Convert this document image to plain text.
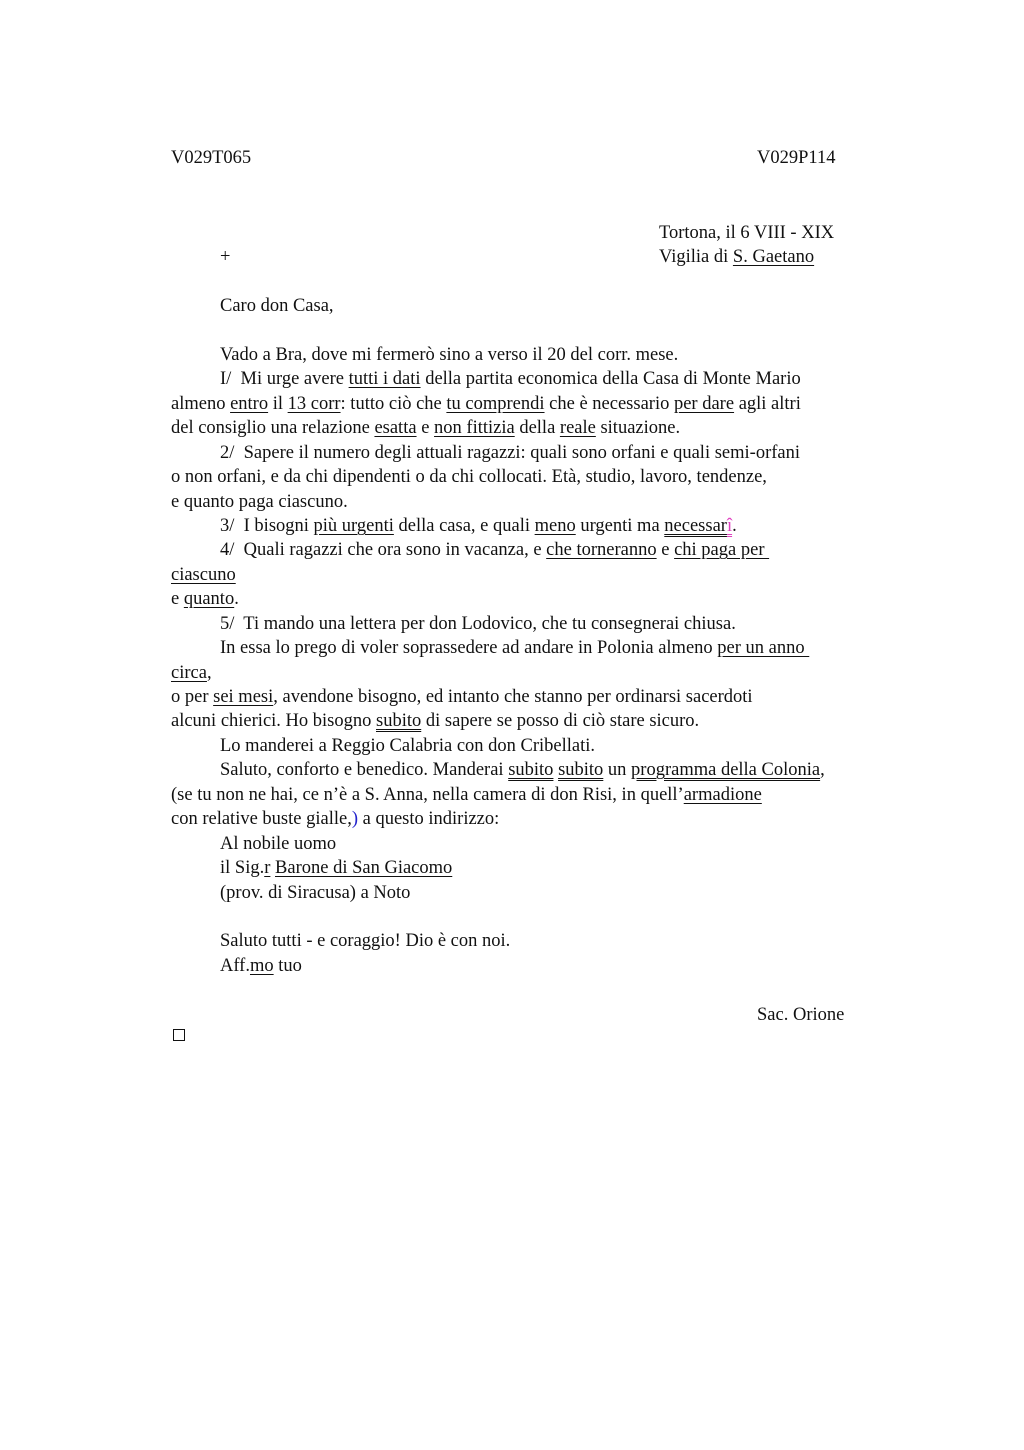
V029T065	V029P114
Tortona, il 6 VIII - XIX
+	Vigilia di S. Gaetano
Caro don Casa,
Vado a Bra, dove mi fermerò sino a verso il 20 del corr. mese.
I/  Mi urge avere tutti i dati della partita economica della Casa di Monte Mario
almeno entro il 13 corr: tutto ciò che tu comprendi che è necessario per dare agli altri
del consiglio una relazione esatta e non fittizia della reale situazione.
2/  Sapere il numero degli attuali ragazzi: quali sono orfani e quali semi-orfani
o non orfani, e da chi dipendenti o da chi collocati. Età, studio, lavoro, tendenze,
e quanto paga ciascuno.
3/  I bisogni più urgenti della casa, e quali meno urgenti ma necessarî.
4/  Quali ragazzi che ora sono in vacanza, e che torneranno e chi paga per
ciascuno
e quanto.
5/  Ti mando una lettera per don Lodovico, che tu consegnerai chiusa.
In essa lo prego di voler soprassedere ad andare in Polonia almeno per un anno
circa,
o per sei mesi, avendone bisogno, ed intanto che stanno per ordinarsi sacerdoti
alcuni chierici. Ho bisogno subito di sapere se posso di ciò stare sicuro.
Lo manderei a Reggio Calabria con don Cribellati.
Saluto, conforto e benedico. Manderai subito subito un programma della Colonia,
(se tu non ne hai, ce n’è a S. Anna, nella camera di don Risi, in quell’armadione
con relative buste gialle,) a questo indirizzo:
Al nobile uomo
il Sig.r Barone di San Giacomo
(prov. di Siracusa) a Noto
Saluto tutti - e coraggio! Dio è con noi.
Aff.mo tuo
Sac. Orione
